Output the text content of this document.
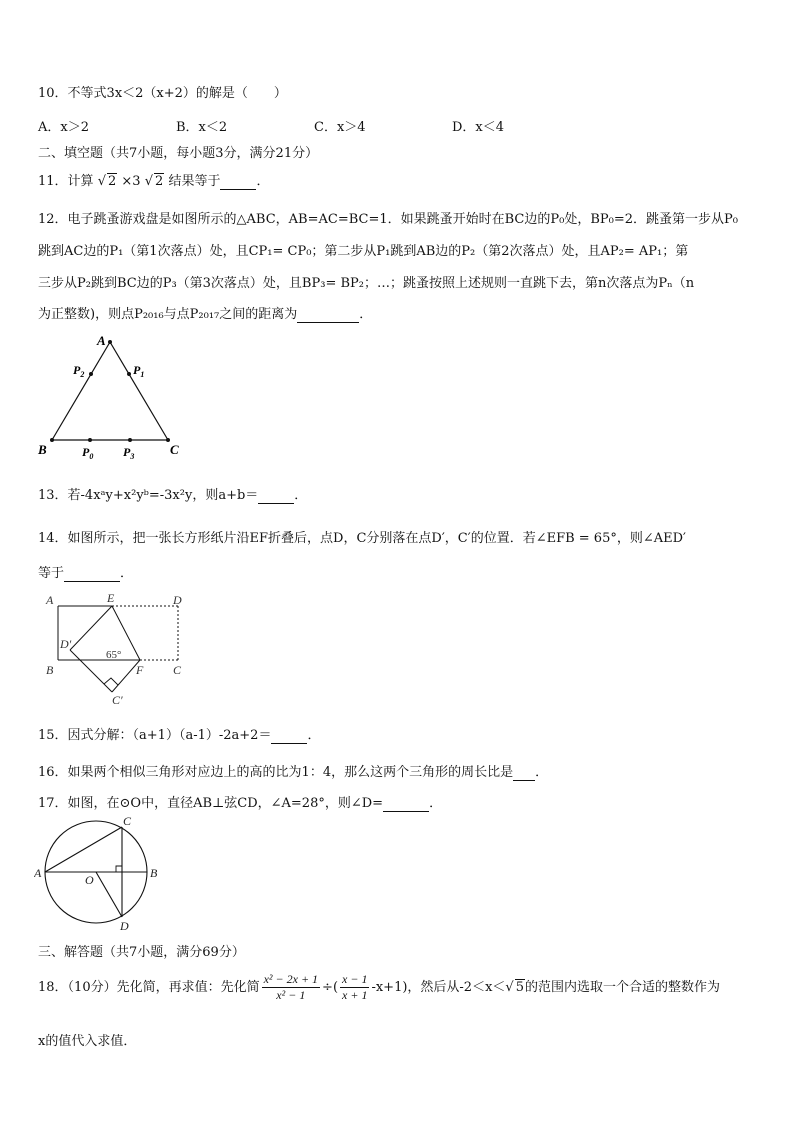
10．不等式3x＜2（x+2）的解是（　　）
A．x＞2	B．x＜2	C．x＞4	D．x＜4
二、填空题（共7小题，每小题3分，满分21分）
11．计算 √ 2 ×3 √ 2 结果等于	．
12．电子跳蚤游戏盘是如图所示的△ABC，AB=AC=BC=1．如果跳蚤开始时在BC边的P₀处，BP₀=2．跳蚤第一步从P₀
跳到AC边的P₁（第1次落点）处，且CP₁= CP₀；第二步从P₁跳到AB边的P₂（第2次落点）处，且AP₂= AP₁；第
三步从P₂跳到BC边的P₃（第3次落点）处，且BP₃= BP₂；…；跳蚤按照上述规则一直跳下去，第n次落点为Pₙ（n
为正整数)，则点P₂₀₁₆与点P₂₀₁₇之间的距离为	．
A
B	C
$P_2$	$P_1$
$P_0$ $P_3$
13．若-4xᵃy+x²yᵇ=-3x²y，则a+b＝	．
14．如图所示，把一张长方形纸片沿EF折叠后，点D，C分别落在点D′，C′的位置．若∠EFB = 65°，则∠AED′
等于	．
A	E	D
D′
B	F C
C′
65°
15．因式分解：（a+1）（a-1）-2a+2＝	．
16．如果两个相似三角形对应边上的高的比为1：4，那么这两个三角形的周长比是 ．
17．如图，在⊙O中，直径AB⊥弦CD，∠A=28°，则∠D=	．
C
A	B
O
D
三、解答题（共7小题，满分69分）
18．（10分）先化简，再求值：先化简 $\frac{\text{x² − 2x + 1}}{\text{x² − 1}}$ ÷( $\frac{x - 1}{x + 1} -x+1$)，然后从-2＜x＜√ 5的范围内选取一个合适的整数作为
x的值代入求值．
